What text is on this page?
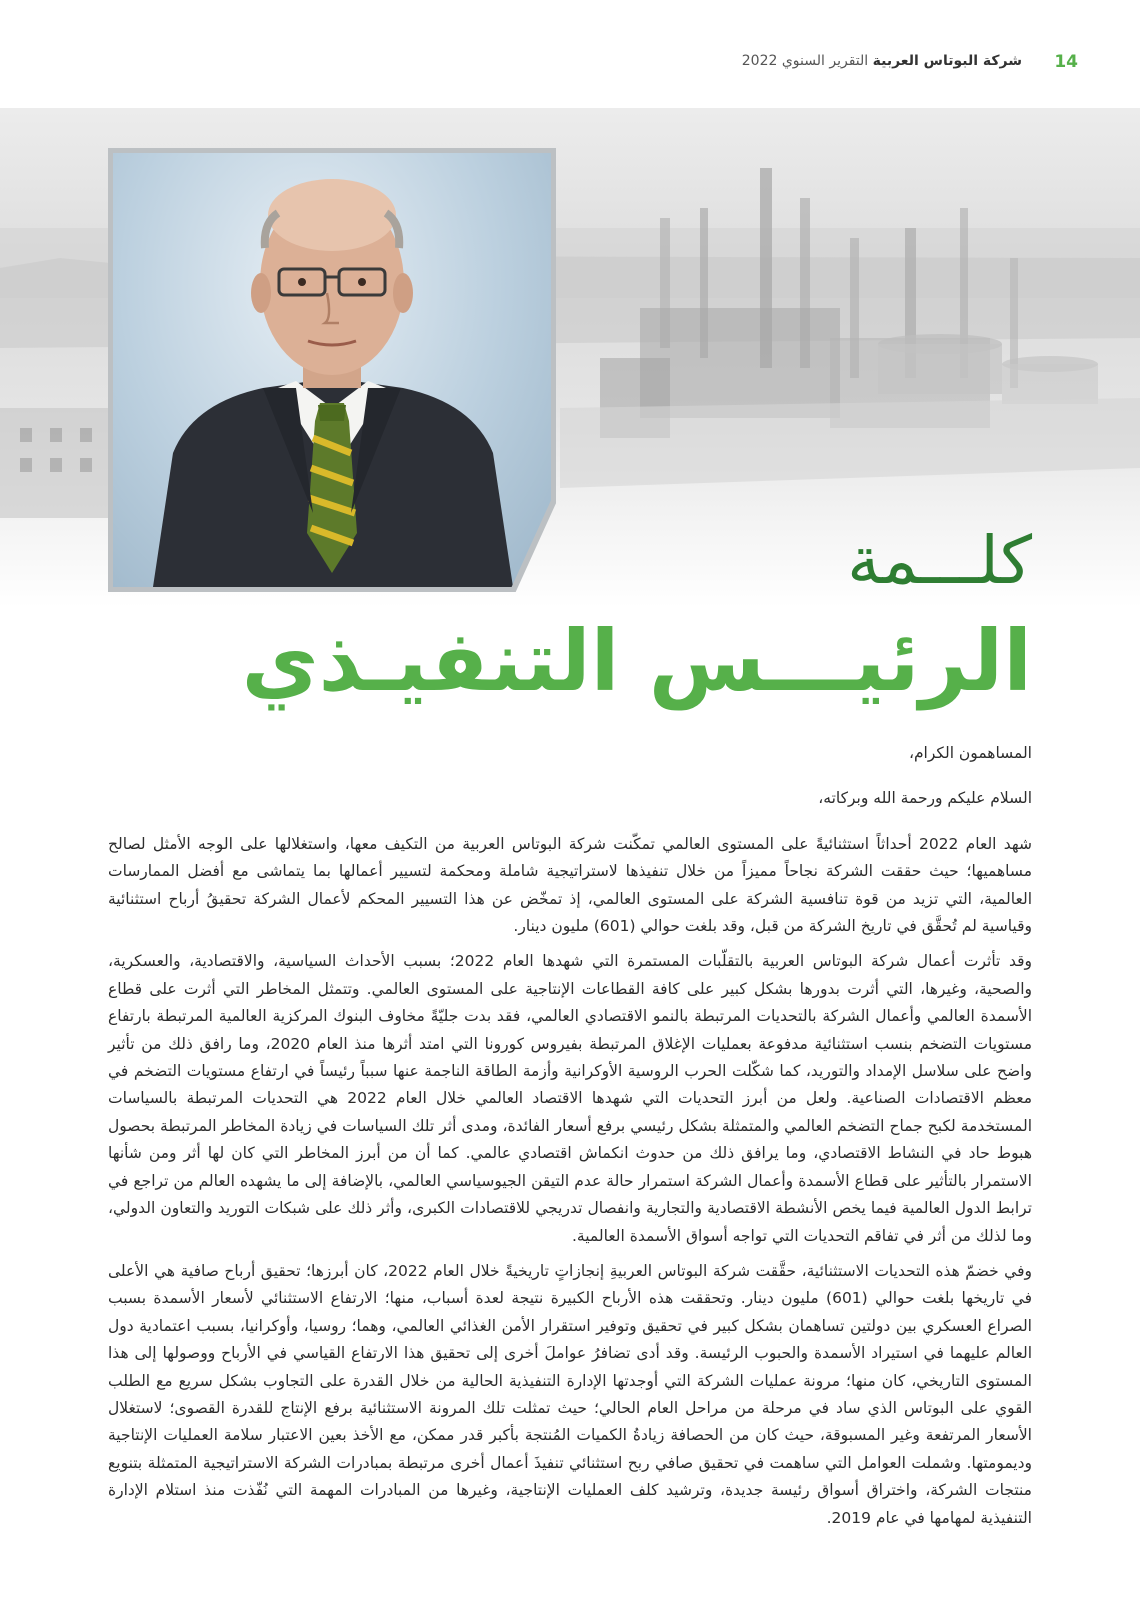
14
شركة البوتاس العربية التقرير السنوي 2022
كلـــمة
الرئيـــس التنفيـذي

المساهمون الكرام،

السلام عليكم ورحمة الله وبركاته،

شهد العام 2022 أحداثاً استثنائيةً على المستوى العالمي تمكّنت شركة البوتاس العربية من التكيف معها، واستغلالها على الوجه الأمثل لصالح مساهميها؛ حيث حققت الشركة نجاحاً مميزاً من خلال تنفيذها لاستراتيجية شاملة ومحكمة لتسيير أعمالها بما يتماشى مع أفضل الممارسات العالمية، التي تزيد من قوة تنافسية الشركة على المستوى العالمي، إذ تمخّض عن هذا التسيير المحكم لأعمال الشركة تحقيقُ أرباح استثنائية وقياسية لم تُحقَّق في تاريخ الشركة من قبل، وقد بلغت حوالي (601) مليون دينار.

وقد تأثرت أعمال شركة البوتاس العربية بالتقلّبات المستمرة التي شهدها العام 2022؛ بسبب الأحداث السياسية، والاقتصادية، والعسكرية، والصحية، وغيرها، التي أثرت بدورها بشكل كبير على كافة القطاعات الإنتاجية على المستوى العالمي. وتتمثل المخاطر التي أثرت على قطاع الأسمدة العالمي وأعمال الشركة بالتحديات المرتبطة بالنمو الاقتصادي العالمي، فقد بدت جليّةً مخاوف البنوك المركزية العالمية المرتبطة بارتفاع مستويات التضخم بنسب استثنائية مدفوعة بعمليات الإغلاق المرتبطة بفيروس كورونا التي امتد أثرها منذ العام 2020، وما رافق ذلك من تأثير واضح على سلاسل الإمداد والتوريد، كما شكّلت الحرب الروسية الأوكرانية وأزمة الطاقة الناجمة عنها سبباً رئيساً في ارتفاع مستويات التضخم في معظم الاقتصادات الصناعية. ولعل من أبرز التحديات التي شهدها الاقتصاد العالمي خلال العام 2022 هي التحديات المرتبطة بالسياسات المستخدمة لكبح جماح التضخم العالمي والمتمثلة بشكل رئيسي برفع أسعار الفائدة، ومدى أثر تلك السياسات في زيادة المخاطر المرتبطة بحصول هبوط حاد في النشاط الاقتصادي، وما يرافق ذلك من حدوث انكماش اقتصادي عالمي. كما أن من أبرز المخاطر التي كان لها أثر ومن شأنها الاستمرار بالتأثير على قطاع الأسمدة وأعمال الشركة استمرار حالة عدم التيقن الجيوسياسي العالمي، بالإضافة إلى ما يشهده العالم من تراجع في ترابط الدول العالمية فيما يخص الأنشطة الاقتصادية والتجارية وانفصال تدريجي للاقتصادات الكبرى، وأثر ذلك على شبكات التوريد والتعاون الدولي، وما لذلك من أثر في تفاقم التحديات التي تواجه أسواق الأسمدة العالمية.

وفي خضمّ هذه التحديات الاستثنائية، حقَّقت شركة البوتاس العربيةِ إنجازاتٍ تاريخيةً خلال العام 2022، كان أبرزها؛ تحقيق أرباح صافية هي الأعلى في تاريخها بلغت حوالي (601) مليون دينار. وتحققت هذه الأرباح الكبيرة نتيجة لعدة أسباب، منها؛ الارتفاع الاستثنائي لأسعار الأسمدة بسبب الصراع العسكري بين دولتين تساهمان بشكل كبير في تحقيق وتوفير استقرار الأمن الغذائي العالمي، وهما؛ روسيا، وأوكرانيا، بسبب اعتمادية دول العالم عليهما في استيراد الأسمدة والحبوب الرئيسة. وقد أدى تضافرُ عواملَ أخرى إلى تحقيق هذا الارتفاع القياسي في الأرباح ووصولها إلى هذا المستوى التاريخي، كان منها؛ مرونة عمليات الشركة التي أوجدتها الإدارة التنفيذية الحالية من خلال القدرة على التجاوب بشكل سريع مع الطلب القوي على البوتاس الذي ساد في مرحلة من مراحل العام الحالي؛ حيث تمثلت تلك المرونة الاستثنائية برفع الإنتاج للقدرة القصوى؛ لاستغلال الأسعار المرتفعة وغير المسبوقة، حيث كان من الحصافة زيادةُ الكميات المُنتجة بأكبر قدر ممكن، مع الأخذ بعين الاعتبار سلامة العمليات الإنتاجية وديمومتها. وشملت العوامل التي ساهمت في تحقيق صافي ربح استثنائي تنفيذَ أعمال أخرى مرتبطة بمبادرات الشركة الاستراتيجية المتمثلة بتنويع منتجات الشركة، واختراق أسواق رئيسة جديدة، وترشيد كلف العمليات الإنتاجية، وغيرها من المبادرات المهمة التي نُفّذت منذ استلام الإدارة التنفيذية لمهامها في عام 2019.
